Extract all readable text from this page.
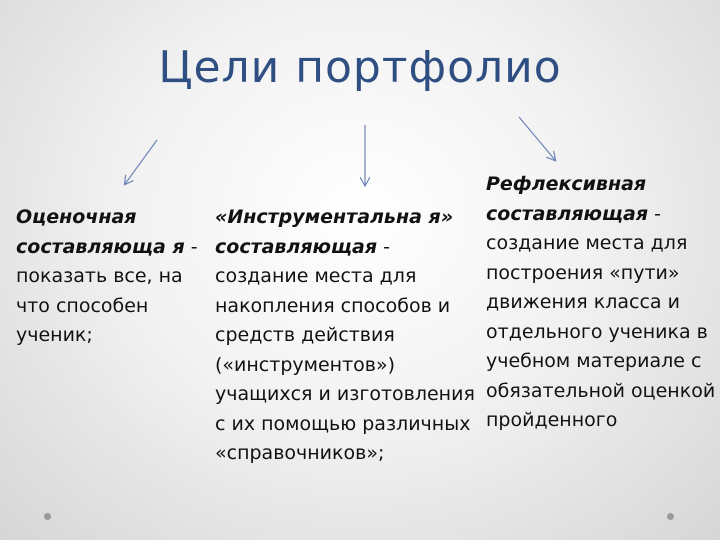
Цели портфолио
Оценочная составляюща я - показать все, на что способен ученик;
«Инструментальна я» составляющая - создание места для накопления способов и средств действия («инструментов») учащихся и изготовления с их помощью различных «справочников»;
Рефлексивная составляющая - создание места для построения «пути» движения класса и отдельного ученика в учебном материале с обязательной оценкой пройденного
